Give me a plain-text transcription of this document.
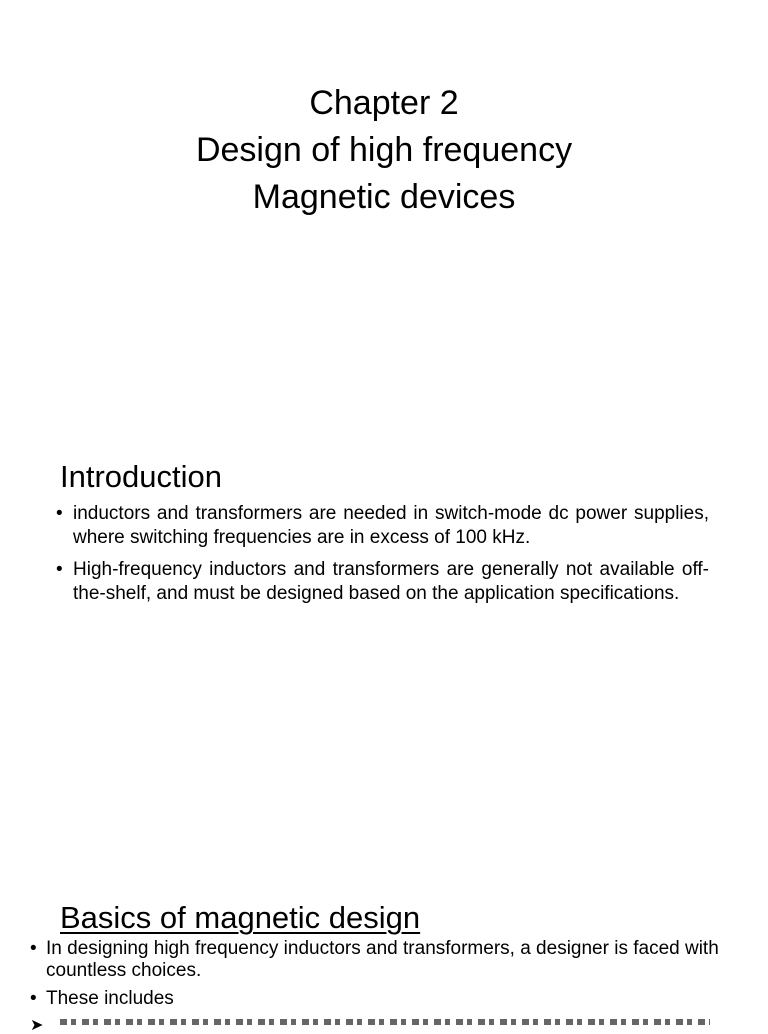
Chapter 2
Design of high frequency
Magnetic devices
Introduction
• inductors and transformers are needed in switch-mode dc power supplies, where switching frequencies are in excess of 100 kHz.
• High-frequency inductors and transformers are generally not available off-the-shelf, and must be designed based on the application specifications.
Basics of magnetic design
• In designing high frequency inductors and transformers, a designer is faced with countless choices.
• These includes
➤
